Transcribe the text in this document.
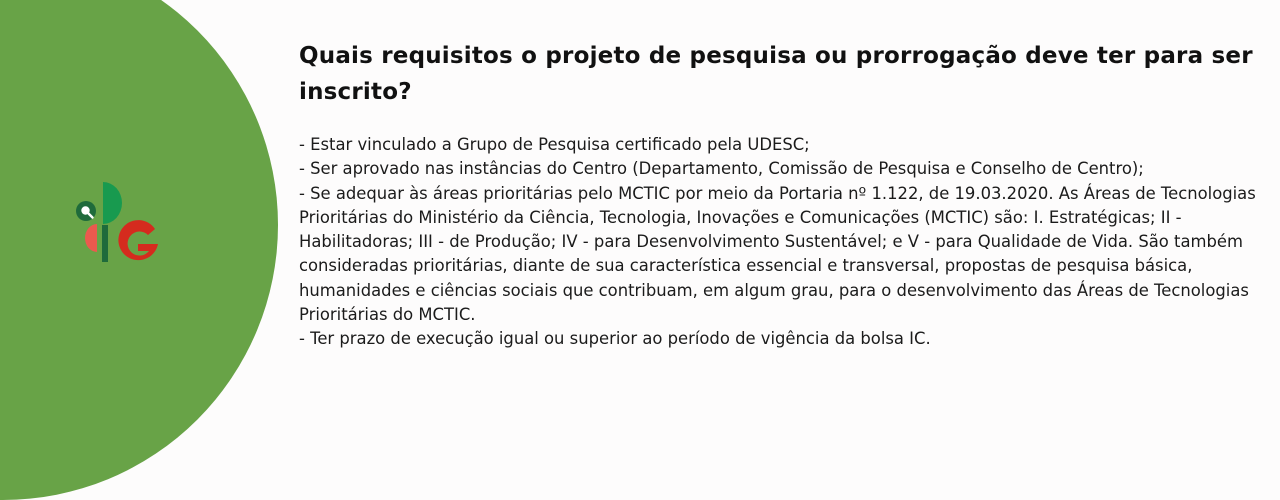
Quais requisitos o projeto de pesquisa ou prorrogação deve ter para ser inscrito?

- Estar vinculado a Grupo de Pesquisa certificado pela UDESC;

- Ser aprovado nas instâncias do Centro (Departamento, Comissão de Pesquisa e Conselho de Centro);

- Se adequar às áreas prioritárias pelo MCTIC por meio da Portaria nº 1.122, de 19.03.2020. As Áreas de Tecnologias Prioritárias do Ministério da Ciência, Tecnologia, Inovações e Comunicações (MCTIC) são: I. Estratégicas; II - Habilitadoras; III - de Produção; IV - para Desenvolvimento Sustentável; e V - para Qualidade de Vida. São também consideradas prioritárias, diante de sua característica essencial e transversal, propostas de pesquisa básica, humanidades e ciências sociais que contribuam, em algum grau, para o desenvolvimento das Áreas de Tecnologias Prioritárias do MCTIC.

- Ter prazo de execução igual ou superior ao período de vigência da bolsa IC.
